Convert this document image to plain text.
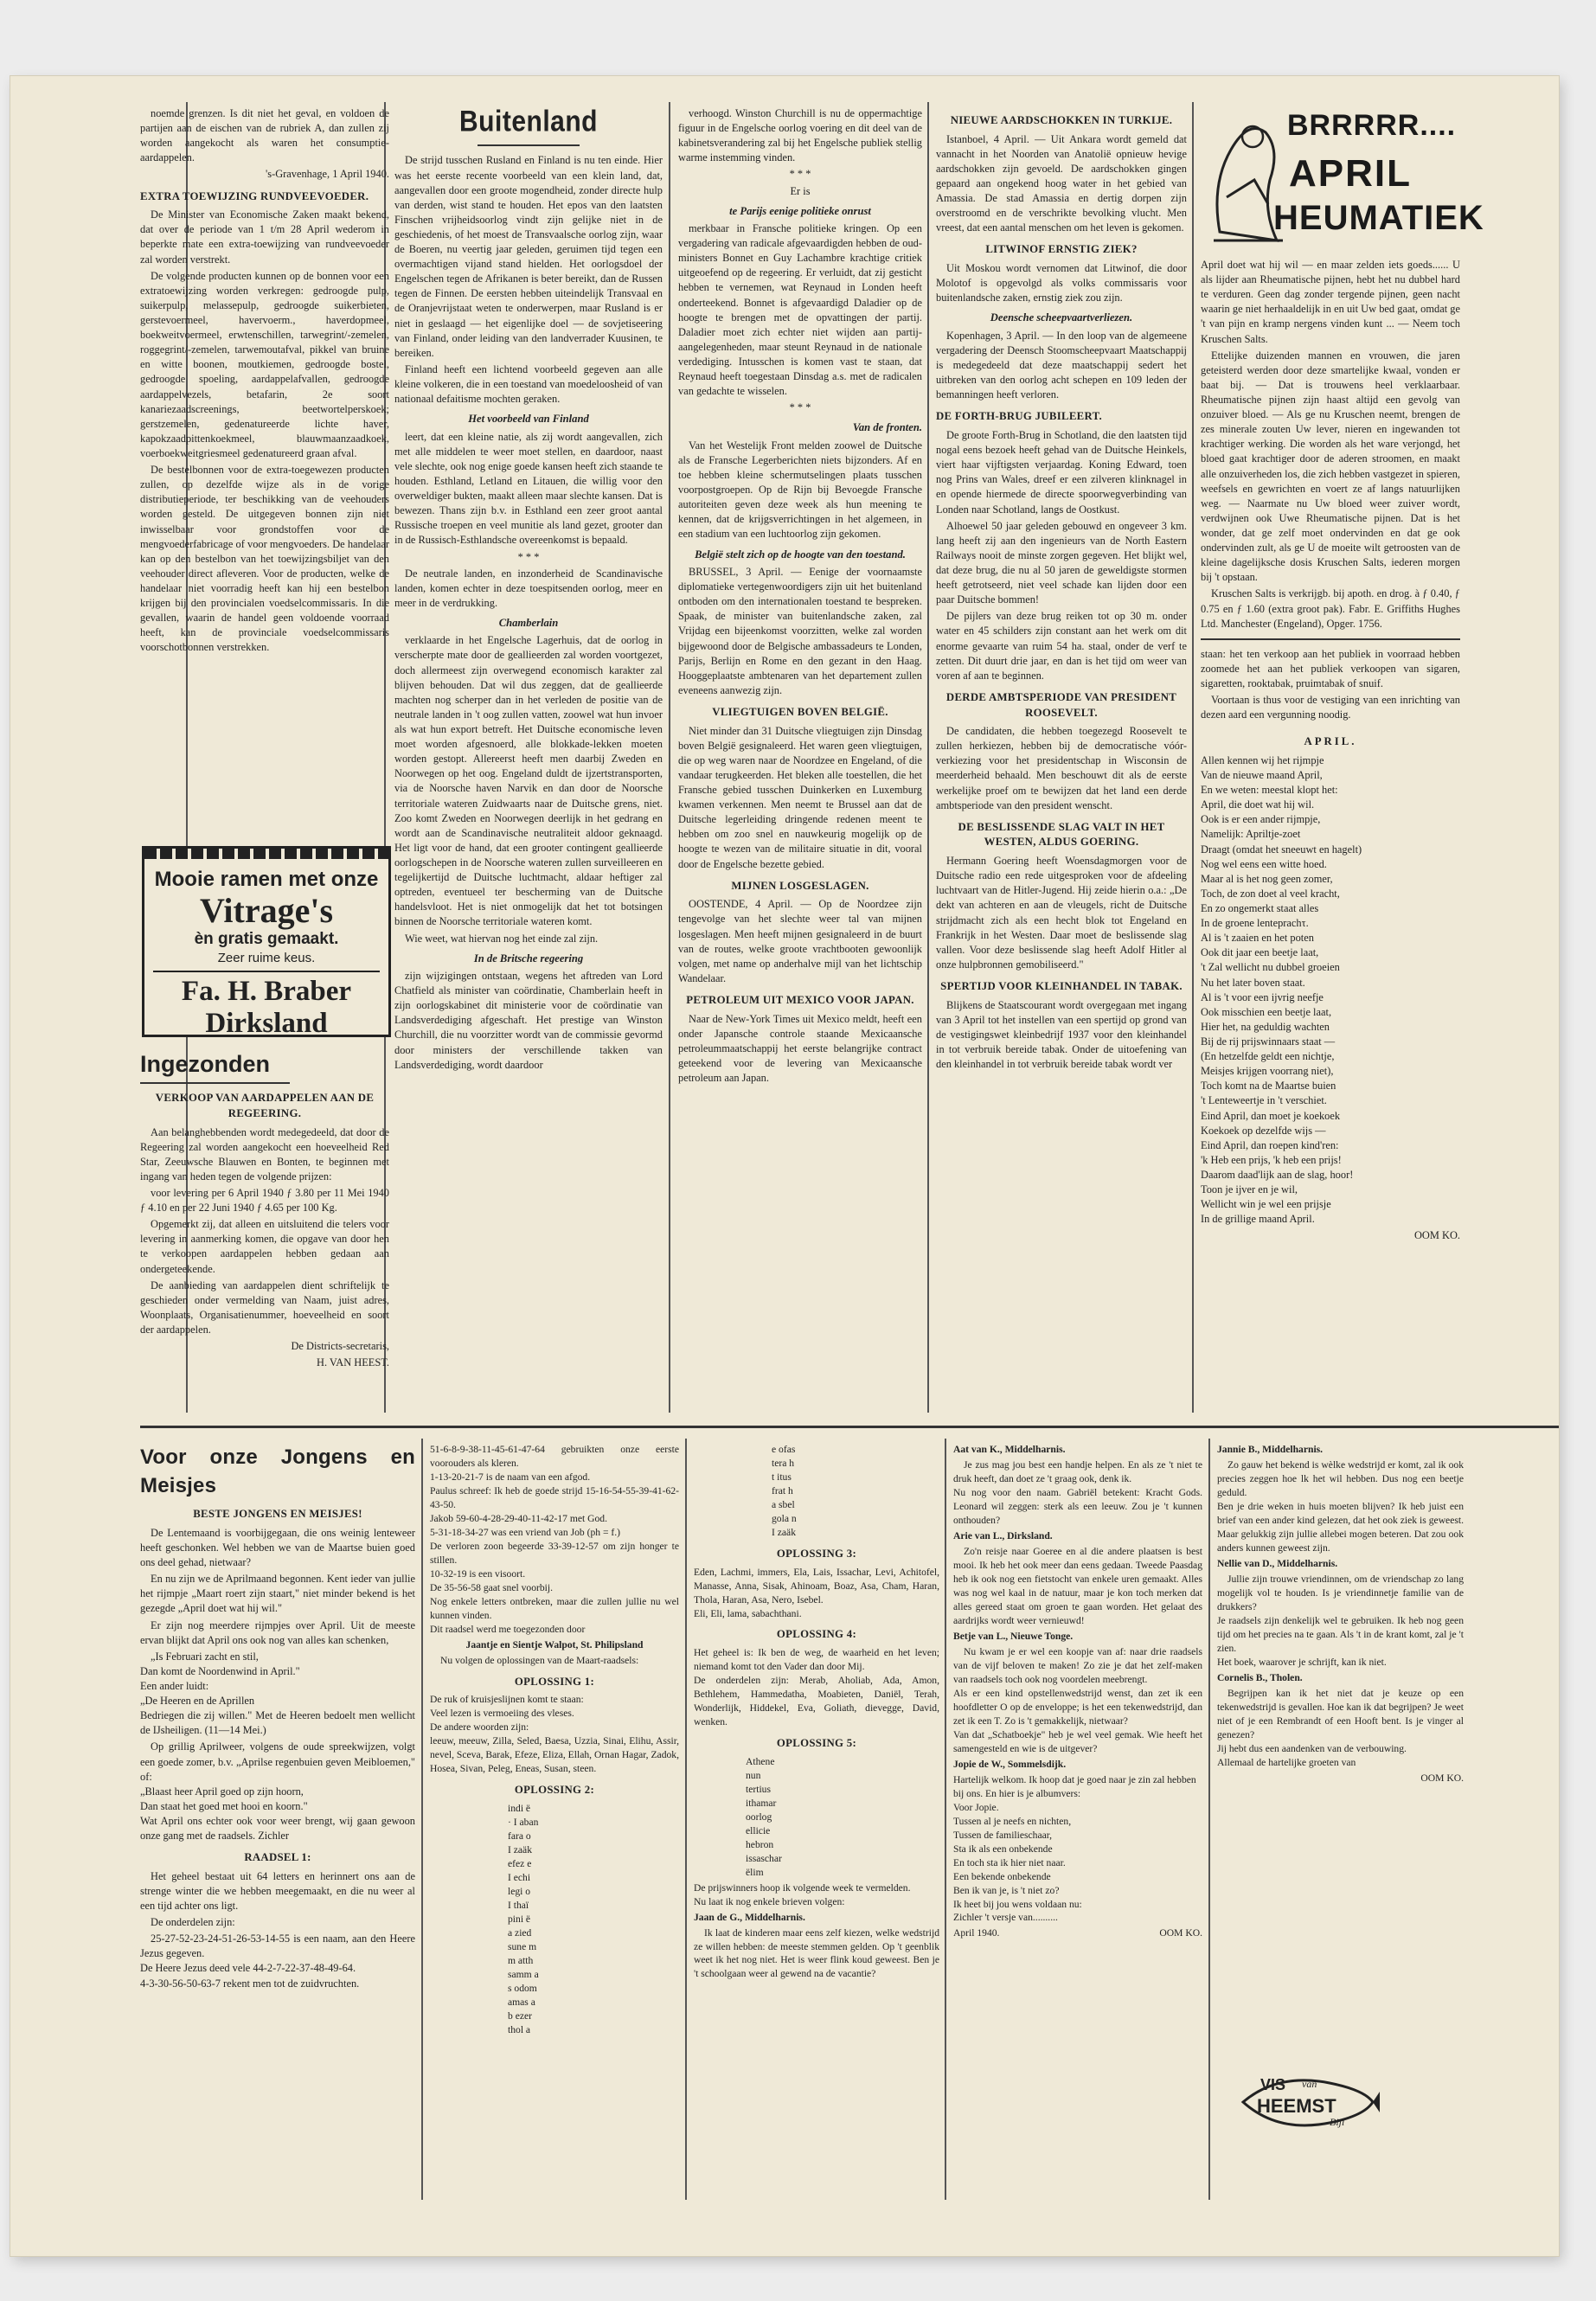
noemde grenzen. Is dit niet het geval, en voldoen de partijen aan de eischen van de rubriek A, dan zullen zij worden aangekocht als waren het consumptie-aardappelen.

's-Gravenhage, 1 April 1940.

EXTRA TOEWIJZING RUNDVEEVOEDER.

De Minister van Economische Zaken maakt bekend, dat over de periode van 1 t/m 28 April wederom in beperkte mate een extra-toewijzing van rundveevoeder zal worden verstrekt.

De volgende producten kunnen op de bonnen voor een extratoewijzing worden verkregen: gedroogde pulp, suikerpulp, melassepulp, gedroogde suikerbieten, gerstevoermeel, havervoerm., haverdopmeel, boekweitvoermeel, erwtenschillen, tarwegrint/-zemelen, roggegrint/-zemelen, tarwemoutafval, pikkel van bruine en witte boonen, moutkiemen, gedroogde bostel, gedroogde spoeling, aardappelafvallen, gedroogde aardappelvezels, betafarin, 2e soort kanariezaadscreenings, beetwortelperskoek; gerstzemelen, gedenatureerde lichte haver, kapokzaadpittenkoekmeel, blauwmaanzaadkoek, voerboekweitgriesmeel gedenatureerd graan afval.

De bestelbonnen voor de extra-toegewezen producten zullen, op dezelfde wijze als in de vorige distributieperiode, ter beschikking van de veehouders worden gesteld. De uitgegeven bonnen zijn niet inwisselbaar voor grondstoffen voor de mengvoederfabricage of voor mengvoeders. De handelaar kan op den bestelbon van het toewijzingsbiljet van den veehouder direct afleveren. Voor de producten, welke de handelaar niet voorradig heeft kan hij een bestelbon krijgen bij den provincialen voedselcommissaris. In die gevallen, waarin de handel geen voldoende voorraad heeft, kan de provinciale voedselcommissaris voorschotbonnen verstrekken.

Mooie ramen met onze
Vitrage's
èn gratis gemaakt.
Zeer ruime keus.
Fa. H. Braber Dirksland
Ingezonden
VERKOOP VAN AARDAPPELEN AAN DE REGEERING.

Aan belanghebbenden wordt medegedeeld, dat door de Regeering zal worden aangekocht een hoeveelheid Red Star, Zeeuwsche Blauwen en Bonten, te beginnen met ingang van heden tegen de volgende prijzen:

voor levering per 6 April 1940 ƒ 3.80 per 11 Mei 1940 ƒ 4.10 en per 22 Juni 1940 ƒ 4.65 per 100 Kg.

Opgemerkt zij, dat alleen en uitsluitend die telers voor levering in aanmerking komen, die opgave van door hen te verkoopen aardappelen hebben gedaan aan ondergeteekende.

De aanbieding van aardappelen dient schriftelijk te geschieden onder vermelding van Naam, juist adres, Woonplaats, Organisatienummer, hoeveelheid en soort der aardappelen.

De Districts-secretaris,

H. VAN HEEST.

Buitenland

De strijd tusschen Rusland en Finland is nu ten einde. Hier was het eerste recente voorbeeld van een klein land, dat, aangevallen door een groote mogendheid, zonder directe hulp van derden, wist stand te houden. Het epos van den laatsten Finschen vrijheidsoorlog vindt zijn gelijke niet in de geschiedenis, of het moest de Transvaalsche oorlog zijn, waar de Boeren, nu veertig jaar geleden, geruimen tijd tegen een overmachtigen vijand stand hielden. Het oorlogsdoel der Engelschen tegen de Afrikanen is beter bereikt, dan de Russen tegen de Finnen. De eersten hebben uiteindelijk Transvaal en de Oranjevrijstaat weten te onderwerpen, maar Rusland is er niet in geslaagd — het eigenlijke doel — de sovjetiseering van Finland, onder leiding van den landverrader Kuusinen, te bereiken.

Finland heeft een lichtend voorbeeld gegeven aan alle kleine volkeren, die in een toestand van moedeloosheid of van nationaal defaitisme mochten geraken.

Het voorbeeld van Finland

leert, dat een kleine natie, als zij wordt aangevallen, zich met alle middelen te weer moet stellen, en daardoor, naast vele slechte, ook nog enige goede kansen heeft zich staande te houden. Esthland, Letland en Litauen, die willig voor den overweldiger bukten, maakt alleen maar slechte kansen. Dat is bewezen. Thans zijn b.v. in Esthland een zeer groot aantal Russische troepen en veel munitie als land gezet, grooter dan in de Russisch-Esthlandsche overeenkomst is bepaald.

* * *

De neutrale landen, en inzonderheid de Scandinavische landen, komen echter in deze toespitsenden oorlog, meer en meer in de verdrukking.

Chamberlain

verklaarde in het Engelsche Lagerhuis, dat de oorlog in verscherpte mate door de geallieerden zal worden voortgezet, doch allermeest zijn overwegend economisch karakter zal blijven behouden. Dat wil dus zeggen, dat de geallieerde machten nog scherper dan in het verleden de positie van de neutrale landen in 't oog zullen vatten, zoowel wat hun invoer als wat hun export betreft. Het Duitsche economische leven moet worden afgesnoerd, alle blokkade-lekken moeten worden gestopt. Allereerst heeft men daarbij Zweden en Noorwegen op het oog. Engeland duldt de ijzertstransporten, via de Noorsche haven Narvik en dan door de Noorsche territoriale wateren Zuidwaarts naar de Duitsche grens, niet. Zoo komt Zweden en Noorwegen deerlijk in het gedrang en wordt aan de Scandinavische neutraliteit aldoor geknaagd. Het ligt voor de hand, dat een grooter contingent geallieerde oorlogschepen in de Noorsche wateren zullen surveilleeren en tegelijkertijd de Duitsche luchtmacht, aldaar heftiger zal optreden, eventueel ter bescherming van de Duitsche handelsvloot. Het is niet onmogelijk dat het tot botsingen binnen de Noorsche territoriale wateren komt.

Wie weet, wat hiervan nog het einde zal zijn.

In de Britsche regeering

zijn wijzigingen ontstaan, wegens het aftreden van Lord Chatfield als minister van coördinatie, Chamberlain heeft in zijn oorlogskabinet dit ministerie voor de coördinatie van Landsverdediging afgeschaft. Het prestige van Winston Churchill, die nu voorzitter wordt van de commissie gevormd door ministers der verschillende takken van Landsverdediging, wordt daardoor

verhoogd. Winston Churchill is nu de oppermachtige figuur in de Engelsche oorlog voering en dit deel van de kabinetsverandering zal bij het Engelsche publiek stellig warme instemming vinden.

* * *

Er is

te Parijs eenige politieke onrust

merkbaar in Fransche politieke kringen. Op een vergadering van radicale afgevaardigden hebben de oud-ministers Bonnet en Guy Lachambre krachtige critiek uitgeoefend op de regeering. Er verluidt, dat zij gesticht hebben te vernemen, wat Reynaud in Londen heeft onderteekend. Bonnet is afgevaardigd Daladier op de hoogte te brengen met de opvattingen der partij. Daladier moet zich echter niet wijden aan partij-aangelegenheden, maar steunt Reynaud in de nationale verdediging. Intusschen is komen vast te staan, dat Reynaud heeft toegestaan Dinsdag a.s. met de radicalen van gedachte te wisselen.

* * *

Van de fronten.

Van het Westelijk Front melden zoowel de Duitsche als de Fransche Legerberichten niets bijzonders. Af en toe hebben kleine schermutselingen plaats tusschen voorpostgroepen. Op de Rijn bij Bevoegde Fransche autoriteiten geven deze week als hun meening te kennen, dat de krijgsverrichtingen in het algemeen, in een stadium van een luchtoorlog zijn gekomen.

België stelt zich op de hoogte van den toestand.

BRUSSEL, 3 April. — Eenige der voornaamste diplomatieke vertegenwoordigers zijn uit het buitenland ontboden om den internationalen toestand te bespreken. Spaak, de minister van buitenlandsche zaken, zal Vrijdag een bijeenkomst voorzitten, welke zal worden bijgewoond door de Belgische ambassadeurs te Londen, Parijs, Berlijn en Rome en den gezant in den Haag. Hooggeplaatste ambtenaren van het departement zullen eveneens aanwezig zijn.

VLIEGTUIGEN BOVEN BELGIË.

Niet minder dan 31 Duitsche vliegtuigen zijn Dinsdag boven België gesignaleerd. Het waren geen vliegtuigen, die op weg waren naar de Noordzee en Engeland, of die vandaar terugkeerden. Het bleken alle toestellen, die het Fransche gebied tusschen Duinkerken en Luxemburg kwamen verkennen. Men neemt te Brussel aan dat de Duitsche legerleiding dringende redenen meent te hebben om zoo snel en nauwkeurig mogelijk op de hoogte te wezen van de militaire situatie in dit, vooral door de Engelsche bezette gebied.

MIJNEN LOSGESLAGEN.

OOSTENDE, 4 April. — Op de Noordzee zijn tengevolge van het slechte weer tal van mijnen losgeslagen. Men heeft mijnen gesignaleerd in de buurt van de routes, welke groote vrachtbooten gewoonlijk volgen, met name op anderhalve mijl van het lichtschip Wandelaar.

PETROLEUM UIT MEXICO VOOR JAPAN.

Naar de New-York Times uit Mexico meldt, heeft een onder Japansche controle staande Mexicaansche petroleummaatschappij het eerste belangrijke contract geteekend voor de levering van Mexicaansche petroleum aan Japan.

NIEUWE AARDSCHOKKEN IN TURKIJE.

Istanboel, 4 April. — Uit Ankara wordt gemeld dat vannacht in het Noorden van Anatolië opnieuw hevige aardschokken zijn gevoeld. De aardschokken gingen gepaard aan ongekend hoog water in het gebied van Amassia. De stad Amassia en dertig dorpen zijn overstroomd en de verschrikte bevolking vlucht. Men vreest, dat een aantal menschen om het leven is gekomen.

LITWINOF ERNSTIG ZIEK?

Uit Moskou wordt vernomen dat Litwinof, die door Molotof is opgevolgd als volks commissaris voor buitenlandsche zaken, ernstig ziek zou zijn.

Deensche scheepvaartverliezen.

Kopenhagen, 3 April. — In den loop van de algemeene vergadering der Deensch Stoomscheepvaart Maatschappij is medegedeeld dat deze maatschappij sedert het uitbreken van den oorlog acht schepen en 109 leden der bemanningen heeft verloren.

DE FORTH-BRUG JUBILEERT.

De groote Forth-Brug in Schotland, die den laatsten tijd nogal eens bezoek heeft gehad van de Duitsche Heinkels, viert haar vijftigsten verjaardag. Koning Edward, toen nog Prins van Wales, dreef er een zilveren klinknagel in en opende hiermede de directe spoorwegverbinding van Londen naar Schotland, langs de Oostkust.

Alhoewel 50 jaar geleden gebouwd en ongeveer 3 km. lang heeft zij aan den ingenieurs van de North Eastern Railways nooit de minste zorgen gegeven. Het blijkt wel, dat deze brug, die nu al 50 jaren de geweldigste stormen heeft getrotseerd, niet veel schade kan lijden door een paar Duitsche bommen!

De pijlers van deze brug reiken tot op 30 m. onder water en 45 schilders zijn constant aan het werk om dit enorme gevaarte van ruim 54 ha. staal, onder de verf te zetten. Dit duurt drie jaar, en dan is het tijd om weer van voren af aan te beginnen.

DERDE AMBTSPERIODE VAN PRESIDENT ROOSEVELT.

De candidaten, die hebben toegezegd Roosevelt te zullen herkiezen, hebben bij de democratische vóór-verkiezing voor het presidentschap in Wisconsin de meerderheid behaald. Men beschouwt dit als de eerste werkelijke proef om te bewijzen dat het land een derde ambtsperiode van den president wenscht.

DE BESLISSENDE SLAG VALT IN HET WESTEN, ALDUS GOERING.

Hermann Goering heeft Woensdagmorgen voor de Duitsche radio een rede uitgesproken voor de afdeeling luchtvaart van de Hitler-Jugend. Hij zeide hierin o.a.: „De dekt van achteren en aan de vleugels, richt de Duitsche strijdmacht zich als een hecht blok tot Engeland en Frankrijk in het Westen. Daar moet de beslissende slag vallen. Voor deze beslissende slag heeft Adolf Hitler al onze hulpbronnen gemobiliseerd."

SPERTIJD VOOR KLEINHANDEL IN TABAK.

Blijkens de Staatscourant wordt overgegaan met ingang van 3 April tot het instellen van een spertijd op grond van de vestigingswet kleinbedrijf 1937 voor den kleinhandel in tot verbruik bereide tabak. Onder de uitoefening van den kleinhandel in tot verbruik bereide tabak wordt ver

BRRRRR....
APRIL
HEUMATIEK

April doet wat hij wil — en maar zelden iets goeds...... U als lijder aan Rheumatische pijnen, hebt het nu dubbel hard te verduren. Geen dag zonder tergende pijnen, geen nacht waarin ge niet herhaaldelijk in en uit Uw bed gaat, omdat ge 't van pijn en kramp nergens vinden kunt ... — Neem toch Kruschen Salts.

Ettelijke duizenden mannen en vrouwen, die jaren geteisterd werden door deze smartelijke kwaal, vonden er baat bij. — Dat is trouwens heel verklaarbaar. Rheumatische pijnen zijn haast altijd een gevolg van onzuiver bloed. — Als ge nu Kruschen neemt, brengen de zes minerale zouten Uw lever, nieren en ingewanden tot krachtiger werking. Die worden als het ware verjongd, het bloed gaat krachtiger door de aderen stroomen, en maakt alle onzuiverheden los, die zich hebben vastgezet in spieren, weefsels en gewrichten en voert ze af langs natuurlijken weg. — Naarmate nu Uw bloed weer zuiver wordt, verdwijnen ook Uwe Rheumatische pijnen. Dat is het wonder, dat ge zelf moet ondervinden en dat ge ook ondervinden zult, als ge U de moeite wilt getroosten van de kleine dagelijksche dosis Kruschen Salts, iederen morgen bij 't opstaan.

Kruschen Salts is verkrijgb. bij apoth. en drog. à ƒ 0.40, ƒ 0.75 en ƒ 1.60 (extra groot pak). Fabr. E. Griffiths Hughes Ltd. Manchester (Engeland), Opger. 1756.

staan: het ten verkoop aan het publiek in voorraad hebben zoomede het aan het publiek verkoopen van sigaren, sigaretten, rooktabak, pruimtabak of snuif.

Voortaan is thus voor de vestiging van een inrichting van dezen aard een vergunning noodig.

APRIL.

Allen kennen wij het rijmpje
Van de nieuwe maand April,
En we weten: meestal klopt het:
April, die doet wat hij wil.
Ook is er een ander rijmpje,
Namelijk: Apriltje-zoet
Draagt (omdat het sneeuwt en hagelt)
Nog wel eens een witte hoed.
Maar al is het nog geen zomer,
Toch, de zon doet al veel kracht,
En zo ongemerkt staat alles
In de groene lenteprachτ.
Al is 't zaaien en het poten
Ook dit jaar een beetje laat,
't Zal wellicht nu dubbel groeien
Nu het later boven staat.
Al is 't voor een ijvrig neefje
Ook misschien een beetje laat,
Hier het, na geduldig wachten
Bij de rij prijswinnaars staat —
(En hetzelfde geldt een nichtje,
Meisjes krijgen voorrang niet),
Toch komt na de Maartse buien
't Lenteweertje in 't verschiet.
Eind April, dan moet je koekoek
Koekoek op dezelfde wijs —
Eind April, dan roepen kind'ren:
'k Heb een prijs, 'k heb een prijs!
Daarom daad'lijk aan de slag, hoor!
Toon je ijver en je wil,
Wellicht win je wel een prijsje
In de grillige maand April.

OOM KO.

Voor onze Jongens en Meisjes
BESTE JONGENS EN MEISJES!

De Lentemaand is voorbijgegaan, die ons weinig lenteweer heeft geschonken. Wel hebben we van de Maartse buien goed ons deel gehad, nietwaar?

En nu zijn we de Aprilmaand begonnen. Kent ieder van jullie het rijmpje „Maart roert zijn staart," niet minder bekend is het gezegde „April doet wat hij wil."

Er zijn nog meerdere rijmpjes over April. Uit de meeste ervan blijkt dat April ons ook nog van alles kan schenken,

„Is Februari zacht en stil,
Dan komt de Noordenwind in April."
Een ander luidt:
„De Heeren en de Aprillen
Bedriegen die zij willen." Met de Heeren bedoelt men wellicht de IJsheiligen. (11—14 Mei.)

Op grillig Aprilweer, volgens de oude spreekwijzen, volgt een goede zomer, b.v. „Aprilse regenbuien geven Meibloemen," of:
„Blaast heer April goed op zijn hoorn,
Dan staat het goed met hooi en koorn."
Wat April ons echter ook voor weer brengt, wij gaan gewoon onze gang met de raadsels. Zichler

RAADSEL 1:

Het geheel bestaat uit 64 letters en herinnert ons aan de strenge winter die we hebben meegemaakt, en die nu weer al een tijd achter ons ligt.

De onderdelen zijn:

25-27-52-23-24-51-26-53-14-55 is een naam, aan den Heere Jezus gegeven.
De Heere Jezus deed vele 44-2-7-22-37-48-49-64.
4-3-30-56-50-63-7 rekent men tot de zuidvruchten.

51-6-8-9-38-11-45-61-47-64 gebruikten onze eerste voorouders als kleren.
1-13-20-21-7 is de naam van een afgod.
Paulus schreef: Ik heb de goede strijd 15-16-54-55-39-41-62-43-50.
Jakob 59-60-4-28-29-40-11-42-17 met God.
5-31-18-34-27 was een vriend van Job (ph = f.)
De verloren zoon begeerde 33-39-12-57 om zijn honger te stillen.
10-32-19 is een visoort.
De 35-56-58 gaat snel voorbij.
Nog enkele letters ontbreken, maar die zullen jullie nu wel kunnen vinden.
Dit raadsel werd me toegezonden door

Jaantje en Sientje Walpot, St. Philipsland

Nu volgen de oplossingen van de Maart-raadsels:

OPLOSSING 1:

De ruk of kruisjeslijnen komt te staan:
Veel lezen is vermoeiing des vleses.
De andere woorden zijn:
leeuw, meeuw, Zilla, Seled, Baesa, Uzzia, Sinai, Elihu, Assir, nevel, Sceva, Barak, Efeze, Eliza, Ellah, Ornan Hagar, Zadok, Hosea, Sivan, Peleg, Eneas, Susan, steen.

OPLOSSING 2:

indi ë
· I aban
fara o
I zaäk
efez e
I echi
legi o
I thaï
pini ë
a zied
sune m
m atth
samm a
s odom
amas a
b ezer
thol a

e ofas
tera h
t itus
frat h
a sbel
gola n
I zaäk

OPLOSSING 3:

Eden, Lachmi, immers, Ela, Lais, Issachar, Levi, Achitofel, Manasse, Anna, Sisak, Ahinoam, Boaz, Asa, Cham, Haran, Thola, Haran, Asa, Nero, Isebel.
Eli, Eli, lama, sabachthani.

OPLOSSING 4:

Het geheel is: Ik ben de weg, de waarheid en het leven; niemand komt tot den Vader dan door Mij.
De onderdelen zijn: Merab, Aholiab, Ada, Amon, Bethlehem, Hammedatha, Moabieten, Daniël, Terah, Wonderlijk, Hiddekel, Eva, Goliath, dievegge, David, wenken.

OPLOSSING 5:

Athene
nun
tertius
ithamar
oorlog
ellicie
hebron
issaschar
ëlim

De prijswinners hoop ik volgende week te vermelden.
Nu laat ik nog enkele brieven volgen:

Jaan de G., Middelharnis.

Ik laat de kinderen maar eens zelf kiezen, welke wedstrijd ze willen hebben: de meeste stemmen gelden. Op 't geenblik weet ik het nog niet. Het is weer flink koud geweest. Ben je 't schoolgaan weer al gewend na de vacantie?

Aat van K., Middelharnis.

Je zus mag jou best een handje helpen. En als ze 't niet te druk heeft, dan doet ze 't graag ook, denk ik.
Nu nog voor den naam. Gabriël betekent: Kracht Gods. Leonard wil zeggen: sterk als een leeuw. Zou je 't kunnen onthouden?

Arie van L., Dirksland.

Zo'n reisje naar Goeree en al die andere plaatsen is best mooi. Ik heb het ook meer dan eens gedaan. Tweede Paasdag heb ik ook nog een fietstocht van enkele uren gemaakt. Alles was nog wel kaal in de natuur, maar je kon toch merken dat alles gereed staat om groen te gaan worden. Het gelaat des aardrijks wordt weer vernieuwd!

Betje van L., Nieuwe Tonge.

Nu kwam je er wel een koopje van af: naar drie raadsels van de vijf beloven te maken! Zo zie je dat het zelf-maken van raadsels toch ook nog voordelen meebrengt.
Als er een kind opstellenwedstrijd wenst, dan zet ik een hoofdletter O op de enveloppe; is het een tekenwedstrijd, dan zet ik een T. Zo is 't gemakkelijk, nietwaar?
Van dat „Schatboekje" heb je wel veel gemak. Wie heeft het samengesteld en wie is de uitgever?

Jopie de W., Sommelsdijk.

Hartelijk welkom. Ik hoop dat je goed naar je zin zal hebben bij ons. En hier is je albumvers:
Voor Jopie.
Tussen al je neefs en nichten,
Tussen de familieschaar,
Sta ik als een onbekende
En toch sta ik hier niet naar.
Een bekende onbekende
Ben ik van je, is 't niet zo?
Ik heet bij jou wens voldaan nu:
Zichler 't versje van..........

April 1940.	OOM KO.

Jannie B., Middelharnis.

Zo gauw het bekend is wèlke wedstrijd er komt, zal ik ook precies zeggen hoe lk het wil hebben. Dus nog een beetje geduld.
Ben je drie weken in huis moeten blijven? Ik heb juist een brief van een ander kind gelezen, dat het ook ziek is geweest. Maar gelukkig zijn jullie allebei mogen beteren. Dat zou ook anders kunnen geweest zijn.

Nellie van D., Middelharnis.

Jullie zijn trouwe vriendinnen, om de vriendschap zo lang mogelijk vol te houden. Is je vriendinnetje familie van de drukkers?
Je raadsels zijn denkelijk wel te gebruiken. Ik heb nog geen tijd om het precies na te gaan. Als 't in de krant komt, zal je 't zien.
Het boek, waarover je schrijft, kan ik niet.

Cornelis B., Tholen.

Begrijpen kan ik het niet dat je keuze op een tekenwedstrijd is gevallen. Hoe kan ik dat begrijpen? Je weet niet of je een Rembrandt of een Hooft bent. Is je vinger al genezen?
Jij hebt dus een aandenken van de verbouwing.
Allemaal de hartelijke groeten van

OOM KO.

VIS van
HEEMST
Bijl
